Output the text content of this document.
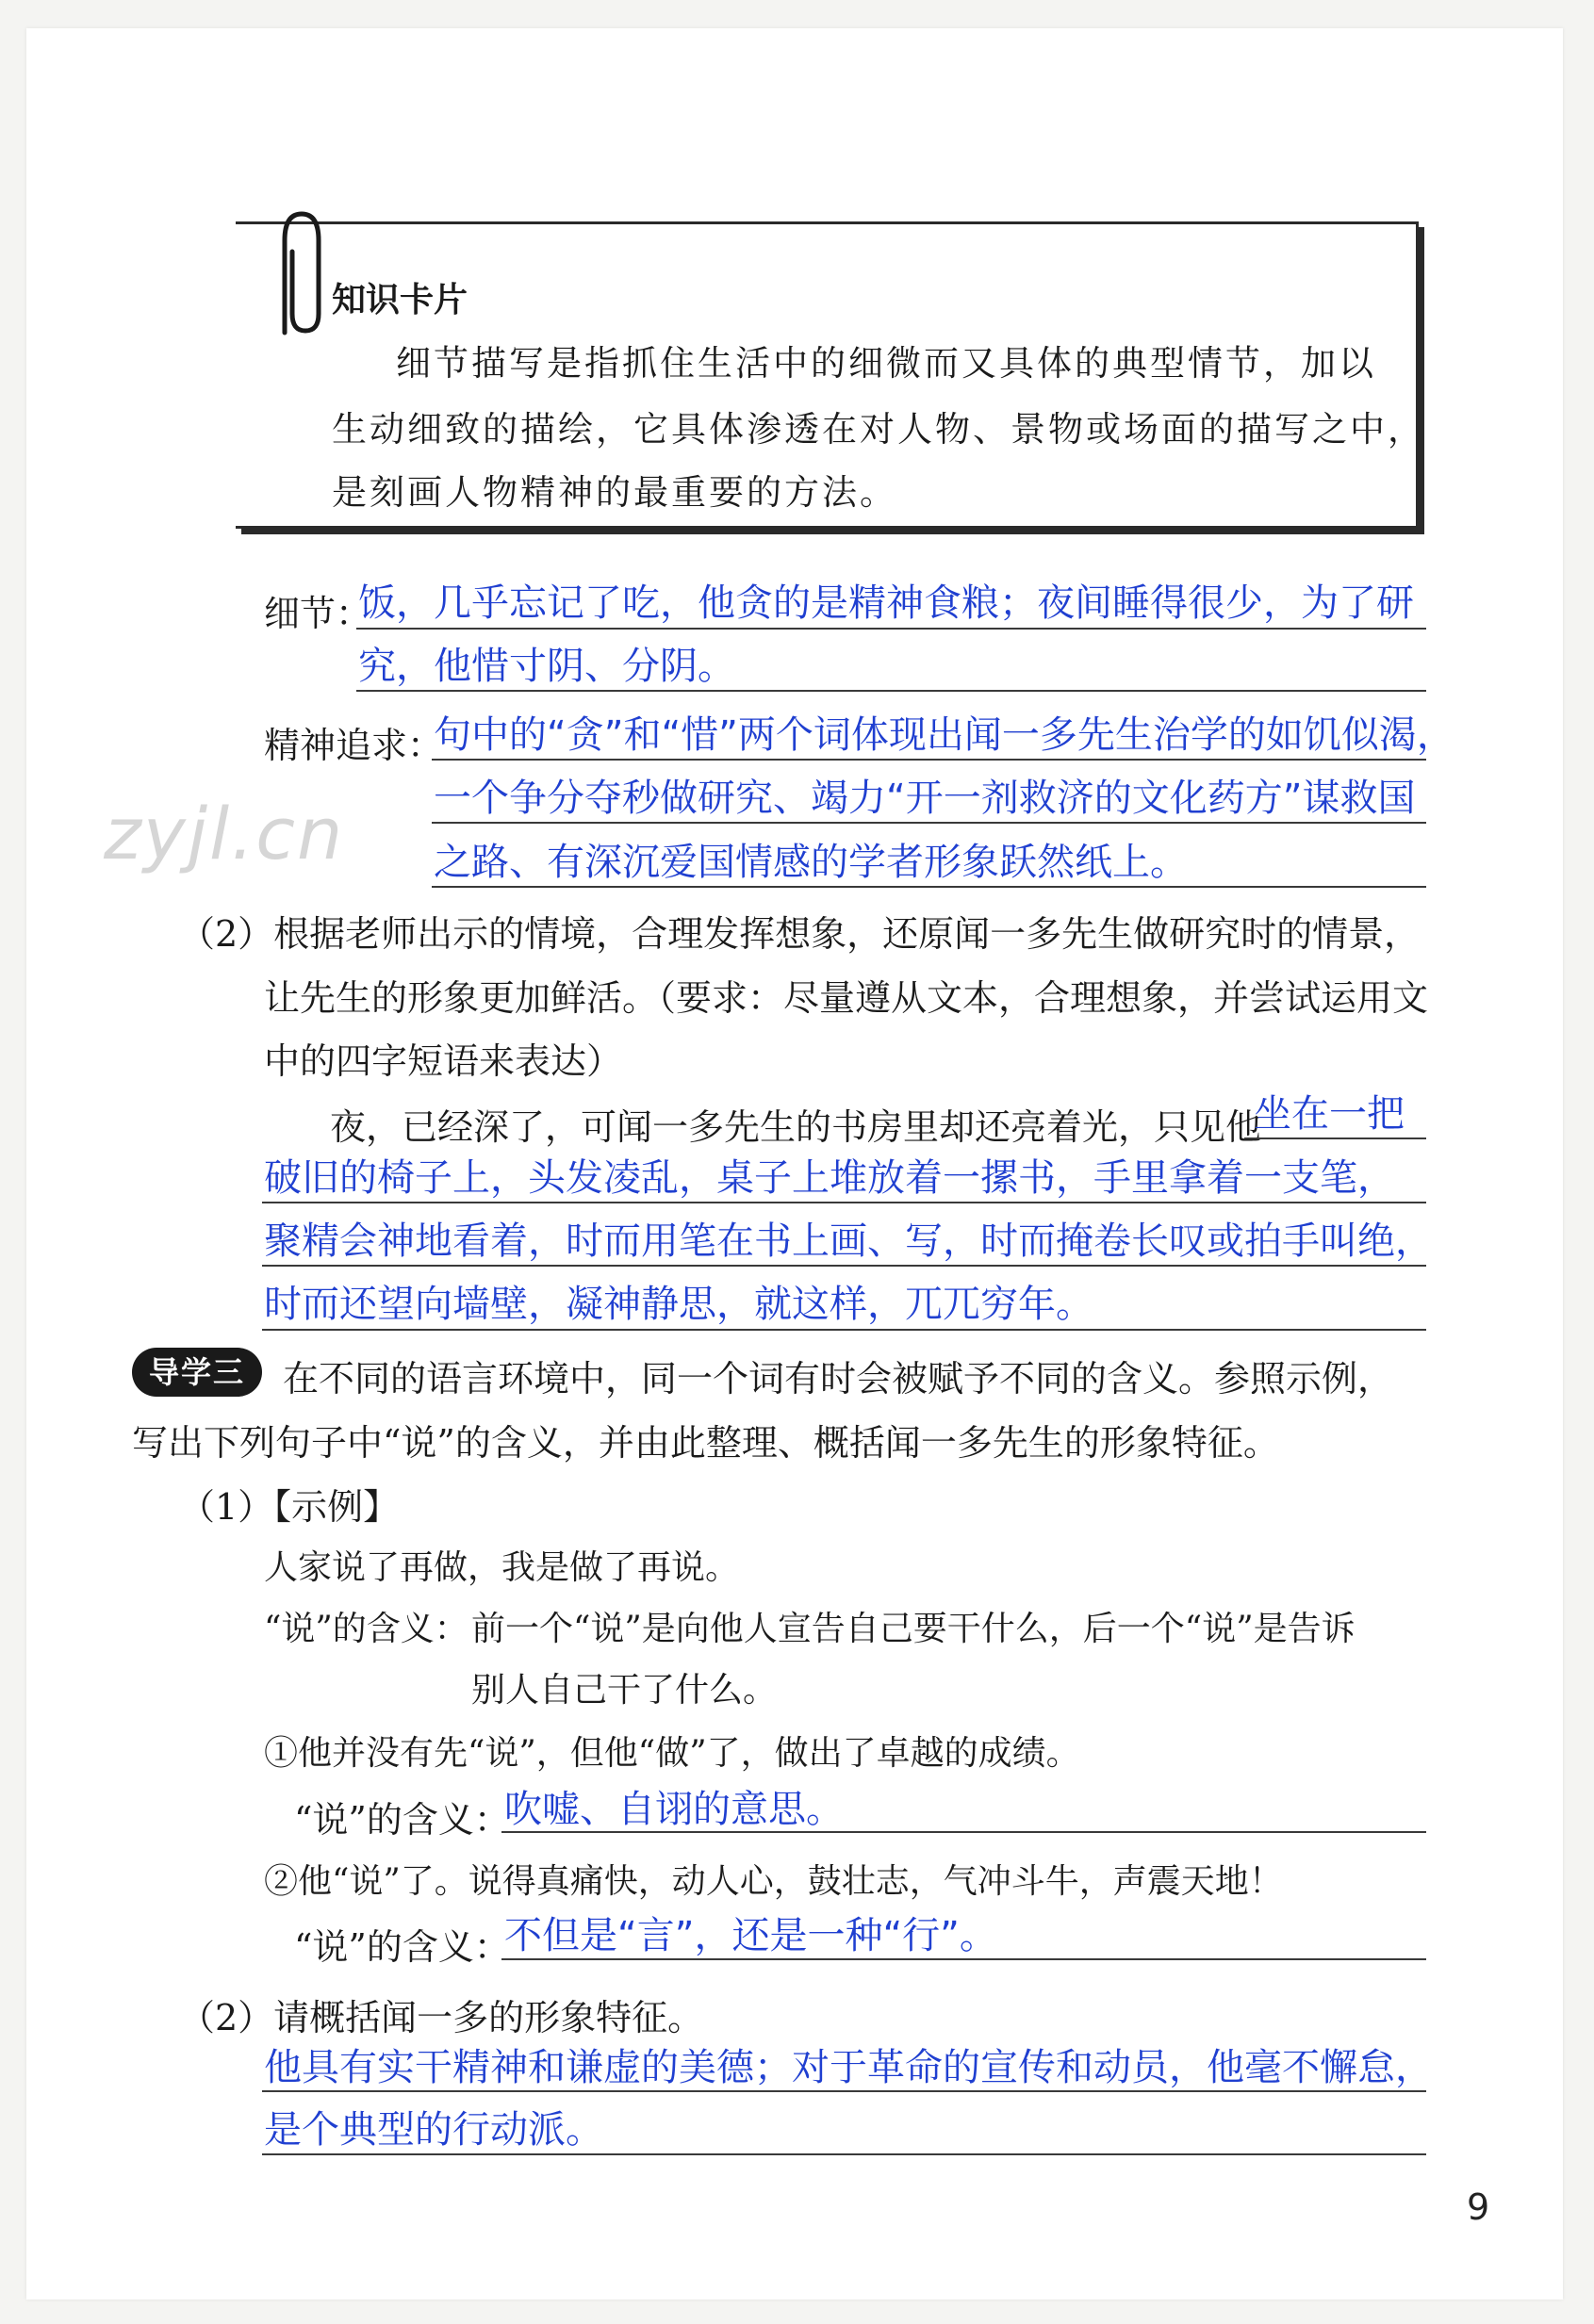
知识卡片
细节描写是指抓住生活中的细微而又具体的典型情节，加以
生动细致的描绘，它具体渗透在对人物、景物或场面的描写之中，
是刻画人物精神的最重要的方法。
细节：
饭，几乎忘记了吃，他贪的是精神食粮；夜间睡得很少，为了研
究，他惜寸阴、分阴。
精神追求：
句中的“贪”和“惜”两个词体现出闻一多先生治学的如饥似渴，
一个争分夺秒做研究、竭力“开一剂救济的文化药方”谋救国
之路、有深沉爱国情感的学者形象跃然纸上。
zyjl.cn
（2）根据老师出示的情境，合理发挥想象，还原闻一多先生做研究时的情景，
让先生的形象更加鲜活。（要求：尽量遵从文本，合理想象，并尝试运用文
中的四字短语来表达）
夜，已经深了，可闻一多先生的书房里却还亮着光，只见他
坐在一把
破旧的椅子上，头发凌乱，桌子上堆放着一摞书，手里拿着一支笔，
聚精会神地看着，时而用笔在书上画、写，时而掩卷长叹或拍手叫绝，
时而还望向墙壁，凝神静思，就这样，兀兀穷年。
导学三	在不同的语言环境中，同一个词有时会被赋予不同的含义。参照示例，
写出下列句子中“说”的含义，并由此整理、概括闻一多先生的形象特征。
（1）【示例】
人家说了再做，我是做了再说。
“说”的含义： 前一个“说”是向他人宣告自己要干什么，后一个“说”是告诉
别人自己干了什么。
①他并没有先“说”，但他“做”了，做出了卓越的成绩。
“说”的含义：
吹嘘、自诩的意思。
②他“说”了。说得真痛快，动人心，鼓壮志，气冲斗牛，声震天地！
“说”的含义：
不但是“言”，还是一种“行”。
（2）请概括闻一多的形象特征。
他具有实干精神和谦虚的美德；对于革命的宣传和动员，他毫不懈怠，
是个典型的行动派。
9
